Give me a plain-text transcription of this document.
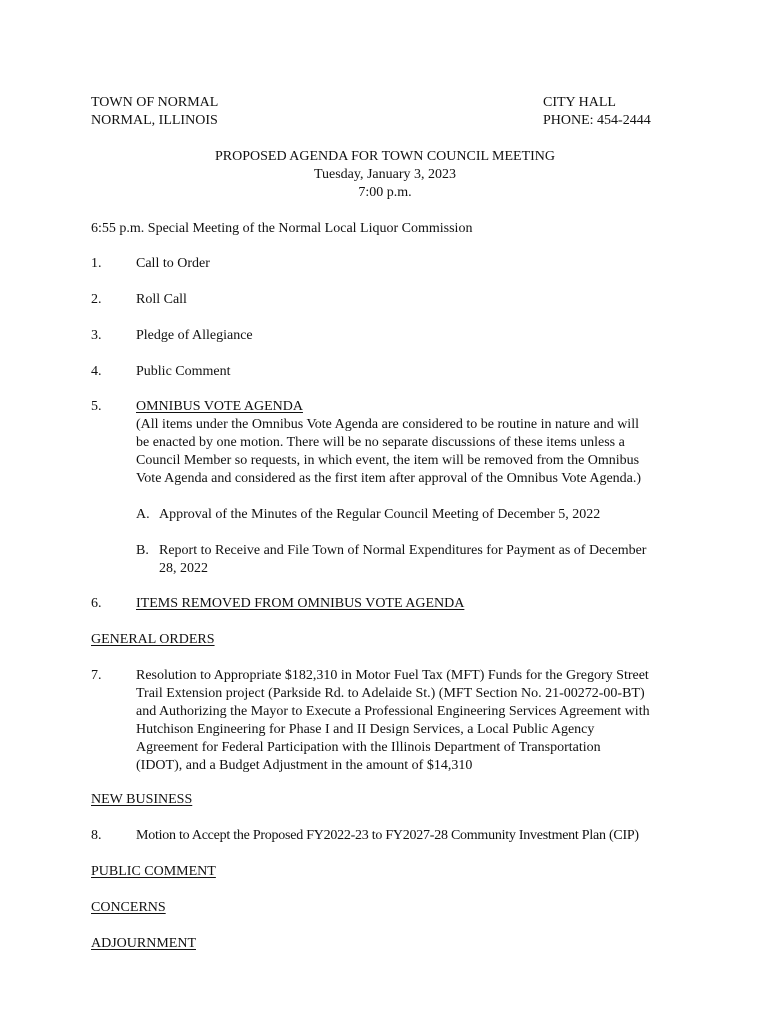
TOWN OF NORMAL
NORMAL, ILLINOIS
CITY HALL
PHONE: 454-2444
PROPOSED AGENDA FOR TOWN COUNCIL MEETING
Tuesday, January 3, 2023
7:00 p.m.
6:55 p.m. Special Meeting of the Normal Local Liquor Commission
1. Call to Order
2. Roll Call
3. Pledge of Allegiance
4. Public Comment
5. OMNIBUS VOTE AGENDA
(All items under the Omnibus Vote Agenda are considered to be routine in nature and will
be enacted by one motion. There will be no separate discussions of these items unless a
Council Member so requests, in which event, the item will be removed from the Omnibus
Vote Agenda and considered as the first item after approval of the Omnibus Vote Agenda.)
A. Approval of the Minutes of the Regular Council Meeting of December 5, 2022
B. Report to Receive and File Town of Normal Expenditures for Payment as of December
28, 2022
6. ITEMS REMOVED FROM OMNIBUS VOTE AGENDA
GENERAL ORDERS
7. Resolution to Appropriate $182,310 in Motor Fuel Tax (MFT) Funds for the Gregory Street
Trail Extension project (Parkside Rd. to Adelaide St.) (MFT Section No. 21-00272-00-BT)
and Authorizing the Mayor to Execute a Professional Engineering Services Agreement with
Hutchison Engineering for Phase I and II Design Services, a Local Public Agency
Agreement for Federal Participation with the Illinois Department of Transportation
(IDOT), and a Budget Adjustment in the amount of $14,310
NEW BUSINESS
8. Motion to Accept the Proposed FY2022-23 to FY2027-28 Community Investment Plan (CIP)
PUBLIC COMMENT
CONCERNS
ADJOURNMENT
